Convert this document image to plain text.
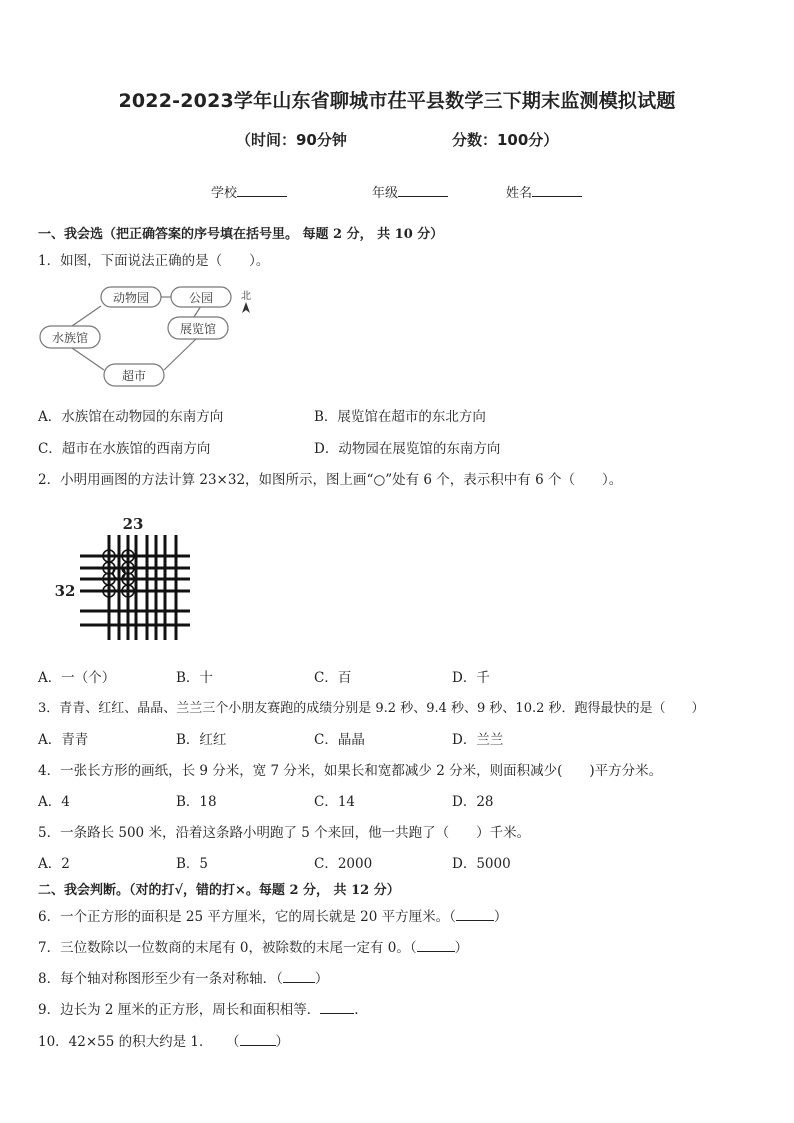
2022-2023学年山东省聊城市茌平县数学三下期末监测模拟试题
（时间：90分钟	分数：100分）
学校	年级	姓名
一、我会选（把正确答案的序号填在括号里。 每题 2 分， 共 10 分）
1．如图，下面说法正确的是（　　）。
动物园	公园
展览馆
水族馆
超市
北
A．水族馆在动物园的东南方向	B．展览馆在超市的东北方向
C．超市在水族馆的西南方向	D．动物园在展览馆的东南方向
2．小明用画图的方法计算 23×32，如图所示，图上画“○”处有 6 个，表示积中有 6 个（　　）。
23
32
A．一（个）	B．十	C．百	D．千
3．青青、红红、晶晶、兰兰三个小朋友赛跑的成绩分别是 9.2 秒、9.4 秒、9 秒、10.2 秒．跑得最快的是（　　）
A．青青	B．红红	C．晶晶	D．兰兰
4．一张长方形的画纸，长 9 分米，宽 7 分米，如果长和宽都减少 2 分米，则面积减少(　　)平方分米。
A．4	B．18	C．14	D．28
5．一条路长 500 米，沿着这条路小明跑了 5 个来回，他一共跑了（　　）千米。
A．2	B．5	C．2000	D．5000
二、我会判断。（对的打√，错的打×。每题 2 分， 共 12 分）
6．一个正方形的面积是 25 平方厘米，它的周长就是 20 平方厘米。（	）
7．三位数除以一位数商的末尾有 0，被除数的末尾一定有 0。（	）
8．每个轴对称图形至少有一条对称轴．（ ）
9．边长为 2 厘米的正方形，周长和面积相等．	.
10．42×55 的积大约是 1．　　（	）
